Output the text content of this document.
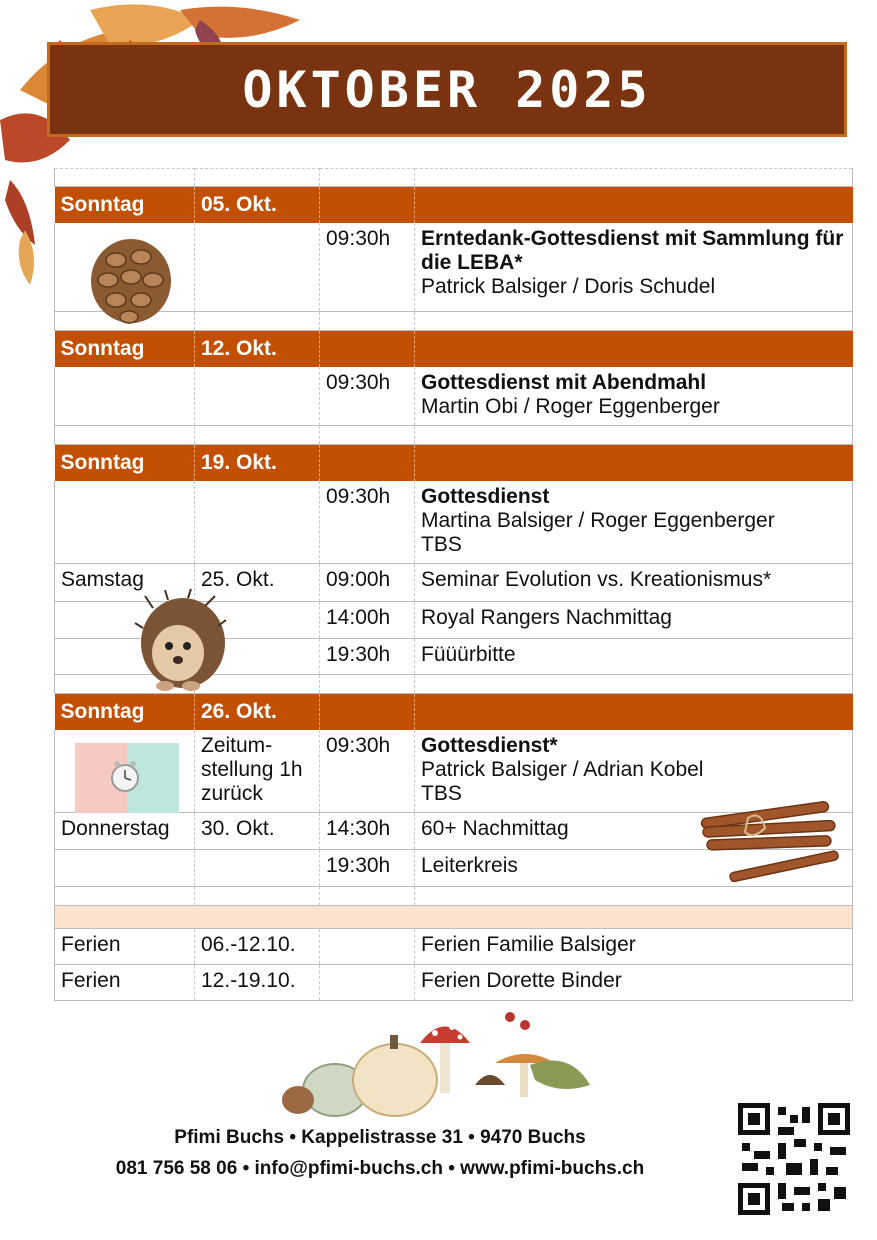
OKTOBER 2025

Sonntag	05. Okt.		
		09:30h	Erntedank-Gottesdienst mit Sammlung für die LEBA*
Patrick Balsiger / Doris Schudel

Sonntag	12. Okt.		
		09:30h	Gottesdienst mit Abendmahl
Martin Obi / Roger Eggenberger

Sonntag	19. Okt.		
		09:30h	Gottesdienst
Martina Balsiger / Roger Eggenberger
TBS

Samstag	25. Okt.	09:00h	Seminar Evolution vs. Kreationismus*

		14:00h	Royal Rangers Nachmittag

		19:30h	Füüürbitte

Sonntag	26. Okt.		
	Zeitum-stellung 1h zurück	09:30h	Gottesdienst*
Patrick Balsiger / Adrian Kobel
TBS

Donnerstag	30. Okt.	14:30h	60+ Nachmittag

		19:30h	Leiterkreis

Ferien	06.-12.10.		Ferien Familie Balsiger
Ferien	12.-19.10.		Ferien Dorette Binder
Pfimi Buchs • Kappelistrasse 31 • 9470 Buchs
081 756 58 06 • info@pfimi-buchs.ch • www.pfimi-buchs.ch
